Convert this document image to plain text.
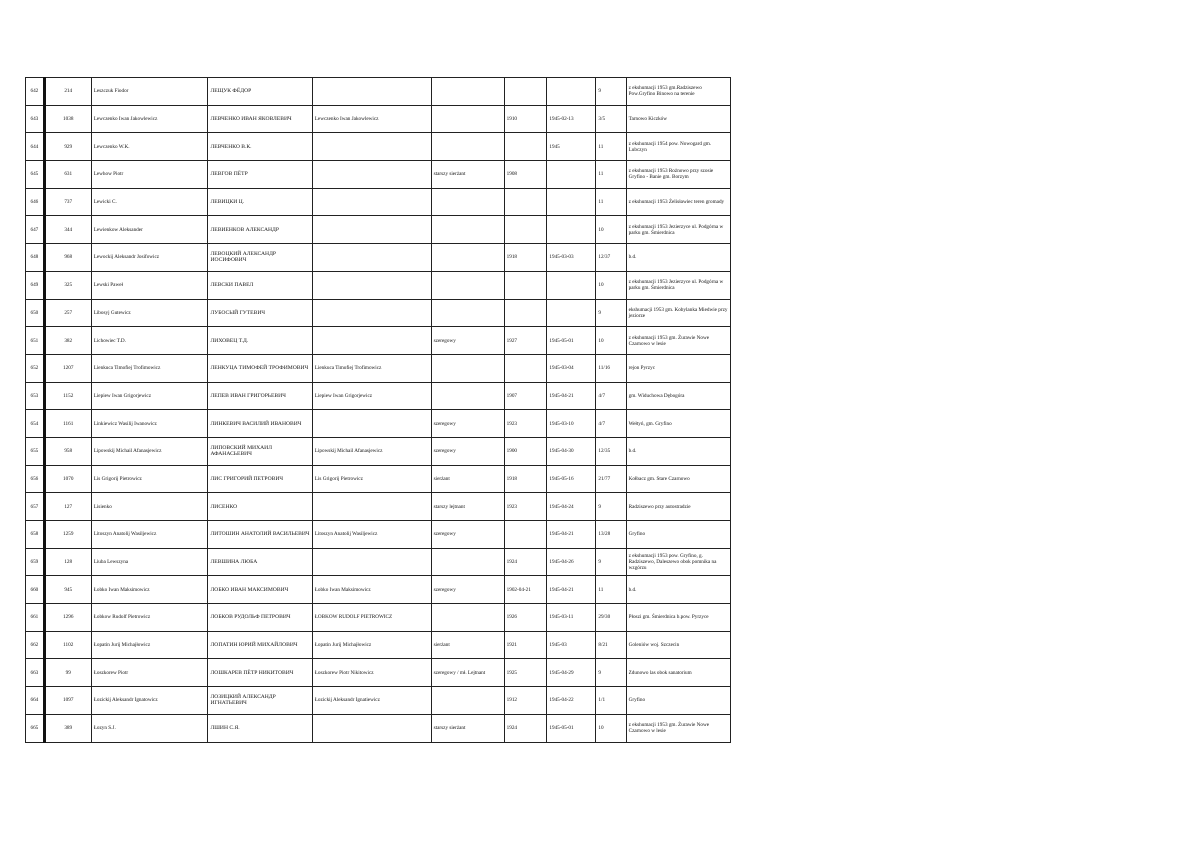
642	214	Leszczuk Fiodor	ЛЕЩУК ФЁДОР					9	z ekshumacji 1953 gm.Radziszewo Pow.Gryfino Binowo na terenie
643	1038	Lewczenko Iwan Jakowlewicz	ЛЕВЧЕНКО ИВАН ЯКОВЛЕВИЧ	Lewczenko Iwan Jakowlewicz		1910	1945-02-13	3/5	Tarnowo Kiczków
644	929	Lewczenko W.K.	ЛЕВЧЕНКО В.К.				1945	11	z ekshumacji 1954 pow. Nowogard gm. Lubczyn
645	631	Lewhow Piotr	ЛЕВГОВ ПЁТР		starszy sierżant	1908		11	z ekshumacji 1953 Rożnowo przy szosie Gryfino - Banie gm. Borzym
646	737	Lewicki C.	ЛЕВИЦКИ Ц.					11	z ekshumacji 1953 Żelisławiec teren gromady
647	344	Lewienkow Aleksander	ЛЕВИЕНКОВ АЛЕКСАНДР					10	z ekshumacji 1953 Jezierzyce ul. Podgórna w parku gm. Śmierdnica
648	968	Lewockij Aleksandr Josifowicz	ЛЕВОЦКИЙ АЛЕКСАНДР ИОСИФОВИЧ			1918	1945-03-03	12/37	b.d.
649	325	Lewski Paweł	ЛЕВСКИ ПАВЕЛ					10	z ekshumacji 1953 Jezierzyce ul. Podgórna w parku gm. Śmierdnica
650	257	Libosyj Gutewicz	ЛУБОСЫЙ ГУТЕВИЧ					9	ekshumacji 1953 gm. Kobylanka Miedwie przy jeziorze
651	382	Lichowiec T.D.	ЛИХОВЕЦ Т.Д.		szeregowy	1927	1945-05-01	10	z ekshumacji 1953 gm. Żurawie Nowe Czarnowo w lesie
652	1207	Lienkuca Timofiej Trofimowicz	ЛЕНКУЦА ТИМОФЕЙ ТРОФИМОВИЧ	Lienkuca Timofiej Trofimowicz			1945-03-04	11/16	rejon Pyrzyc
653	1152	Liepiew Iwan Grigorjewicz	ЛЕПЕВ ИВАН ГРИГОРЬЕВИЧ	Liepiew Iwan Grigorjewicz		1907	1945-04-21	4/7	gm. Widuchowa Dębogóra
654	1161	Linkiewicz Wasilij Iwanowicz	ЛИНКЕВИЧ ВАСИЛИЙ ИВАНОВИЧ		szeregowy	1923	1945-03-10	4/7	Wełtyń, gm. Gryfino
655	958	Lipowskij Michail Afanasjewicz	ЛИПОВСКИЙ МИХАИЛ АФАНАСЬЕВИЧ	Lipowskij Michail Afanasjewicz	szeregowy	1900	1945-04-30	12/35	b.d.
656	1070	Lis Grigorij Pietrowicz	ЛИС ГРИГОРИЙ ПЕТРОВИЧ	Lis Grigorij Pietrowicz	sierżant	1918	1945-05-16	21/77	Kołbacz gm. Stare Czarnowo
657	127	Lisienko	ЛИСЕНКО		starszy lejtnant	1923	1945-04-24	9	Radziszewo przy autostradzie
658	1259	Litoszyn Anatolij Wasiljewicz	ЛИТОШИН АНАТОЛИЙ ВАСИЛЬЕВИЧ	Litoszyn Anatolij Wasiljewicz	szeregowy		1945-04-21	13/28	Gryfino
659	128	Liuba Lewszyna	ЛЕВШИНА ЛЮБА			1924	1945-04-26	9	z ekshumacji 1953 pow. Gryfino, g. Radziszewo, Daleszewo obok pomnika na wzgórzu
660	945	Łobko Iwan Maksimowicz	ЛОБКО ИВАН МАКСИМОВИЧ	Łobko Iwan Maksimowicz	szeregowy	1902-04-21	1945-04-21	11	b.d.
661	1296	Łobkow Rudolf Pietrowicz	ЛОБКОВ РУДОЛЬФ ПЕТРОВИЧ	ŁOBKOW RUDOLF PIETROWICZ		1926	1945-03-11	29/30	Płoszi gm. Śmierdnica b.pow. Pyrzyce
662	1102	Łopatin Jurij Michajłowicz	ЛОПАТИН ЮРИЙ МИХАЙЛОВИЧ	Łopatin Jurij Michajłowicz	sierżant	1921	1945-03	8/21	Goleniów woj. Szczecin
663	99	Łoszkorew Piotr	ЛОШКАРЕВ ПЁТР НИКИТОВИЧ	Łoszkorew Piotr Nikitowicz	szeregowy / mł. Lejtnant	1925	1945-04-29	9	Zdunowo las obok sanatorium
664	1097	Łozickij Aleksandr Ignatowicz	ЛОЗИЦКИЙ АЛЕКСАНДР ИГНАТЬЕВИЧ	Łozickij Aleksandr Ignatiewicz		1912	1945-04-22	1/1	Gryfino
665	389	Łozyn S.J.	ЛШИН С.Я.		starszy sierżant	1924	1945-05-01	10	z ekshumacji 1953 gm. Żurawie Nowe Czarnowo w lesie
